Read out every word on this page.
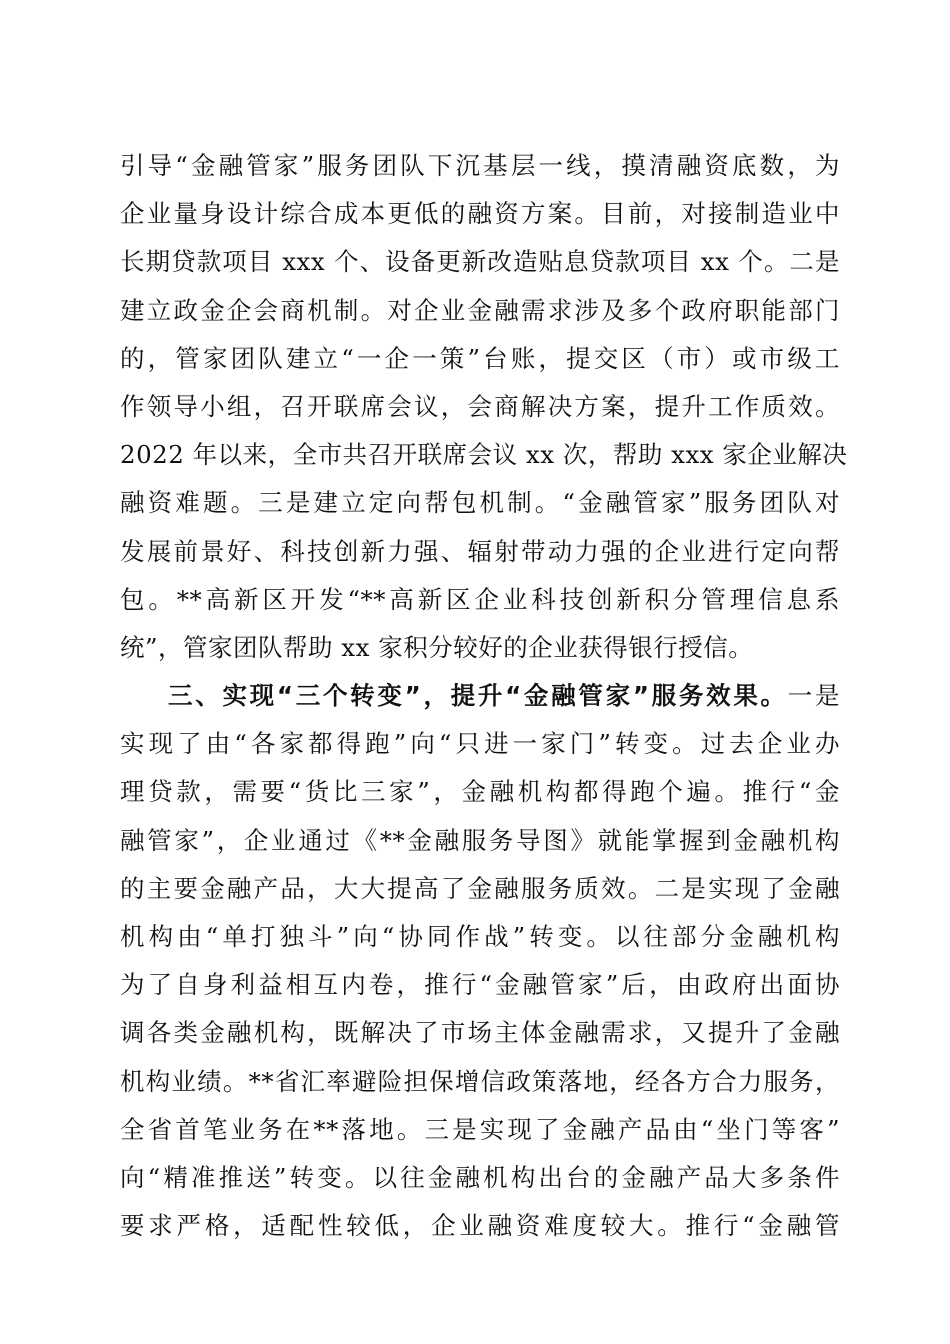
引导“金融管家”服务团队下沉基层一线，摸清融资底数，为
企业量身设计综合成本更低的融资方案。目前，对接制造业中
长期贷款项目 xxx 个、设备更新改造贴息贷款项目 xx 个。二是
建立政金企会商机制。对企业金融需求涉及多个政府职能部门
的，管家团队建立“一企一策”台账，提交区（市）或市级工
作领导小组，召开联席会议，会商解决方案，提升工作质效。
2022 年以来，全市共召开联席会议 xx 次，帮助 xxx 家企业解决
融资难题。三是建立定向帮包机制。“金融管家”服务团队对
发展前景好、科技创新力强、辐射带动力强的企业进行定向帮
包。**高新区开发“**高新区企业科技创新积分管理信息系
统”，管家团队帮助 xx 家积分较好的企业获得银行授信。
三、实现“三个转变”，提升“金融管家”服务效果。一是
实现了由“各家都得跑”向“只进一家门”转变。过去企业办
理贷款，需要“货比三家”，金融机构都得跑个遍。推行“金
融管家”，企业通过《**金融服务导图》就能掌握到金融机构
的主要金融产品，大大提高了金融服务质效。二是实现了金融
机构由“单打独斗”向“协同作战”转变。以往部分金融机构
为了自身利益相互内卷，推行“金融管家”后，由政府出面协
调各类金融机构，既解决了市场主体金融需求，又提升了金融
机构业绩。**省汇率避险担保增信政策落地，经各方合力服务，
全省首笔业务在**落地。三是实现了金融产品由“坐门等客”
向“精准推送”转变。以往金融机构出台的金融产品大多条件
要求严格，适配性较低，企业融资难度较大。推行“金融管
